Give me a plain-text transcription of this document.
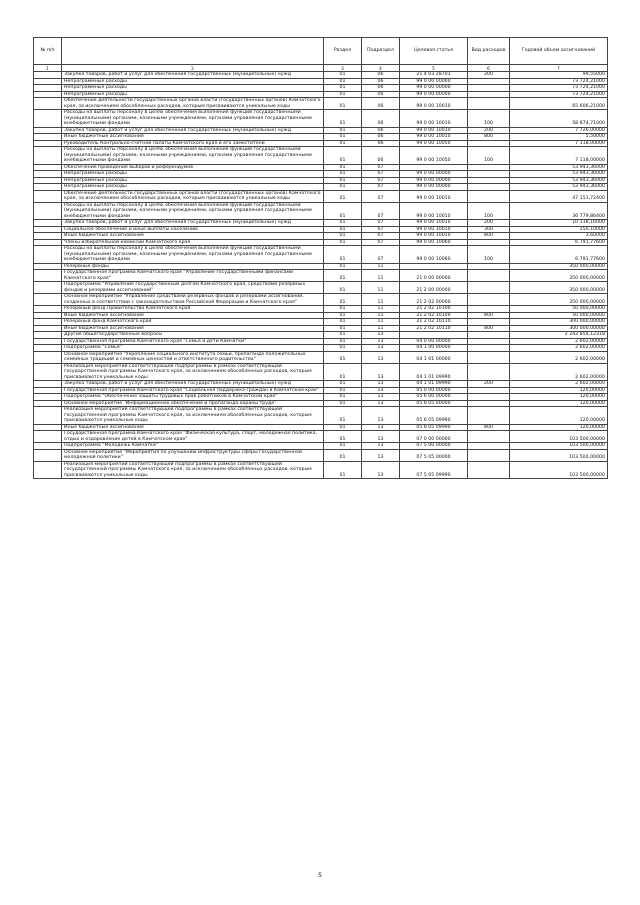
№ п/п		Раздел	Подраздел	Целевая статья	Вид расходов	Годовой объем ассигнований
1	2	3	4	5	6	7
	Закупка товаров, работ и услуг для обеспечения государственных (муниципальных) нужд	01	06	21 4 03 28701	200	99,55000
	Непрограммные расходы	01	06	99 0 00 00000		73 724,21000
	Непрограммные расходы	01	06	99 0 00 00000		73 724,21000
	Непрограммные расходы	01	06	99 0 00 00000		73 724,21000
	Обеспечение деятельности государственных органов власти (государственных органов) Камчатского края, за исключением обособленных расходов, которым присваиваются уникальные коды	01	06	99 0 00 10010		65 606,21000
	Расходы на выплаты персоналу в целях обеспечения выполнения функций государственными (муниципальными) органами, казенными учреждениями, органами управления государственными внебюджетными фондами	01	06	99 0 00 10010	100	58 874,71000
	Закупка товаров, работ и услуг для обеспечения государственных (муниципальных) нужд	01	06	99 0 00 10010	200	7 726,00000
	Иные бюджетные ассигнования	01	06	99 0 00 10010	800	5,50000
	Руководитель Контрольно-счетной палаты Камчатского края и его заместители	01	06	99 0 00 10050		7 118,00000
	Расходы на выплаты персоналу в целях обеспечения выполнения функций государственными (муниципальными) органами, казенными учреждениями, органами управления государственными внебюджетными фондами	01	06	99 0 00 10050	100	7 118,00000
	Обеспечение проведения выборов и референдумов	01	07			53 943,36000
	Непрограммные расходы	01	07	99 0 00 00000		53 943,36000
	Непрограммные расходы	01	07	99 0 00 00000		53 943,36000
	Непрограммные расходы	01	07	99 0 00 00000		53 943,36000
	Обеспечение деятельности государственных органов власти (государственных органов) Камчатского края, за исключением обособленных расходов, которым присваиваются уникальные коды	01	07	99 0 00 10010		47 151,72400
	Расходы на выплаты персоналу в целях обеспечения выполнения функций государственными (муниципальными) органами, казенными учреждениями, органами управления государственными внебюджетными фондами	01	07	99 0 00 10010	100	36 779,86400
	Закупка товаров, работ и услуг для обеспечения государственных (муниципальных) нужд	01	07	99 0 00 10010	200	10 118,16000
	Социальное обеспечение и иные выплаты населению	01	07	99 0 00 10010	300	250,10000
	Иные бюджетные ассигнования	01	07	99 0 00 10010	800	3,60000
	Члены избирательной комиссии Камчатского края	01	07	99 0 00 10060		6 791,77600
	Расходы на выплаты персоналу в целях обеспечения выполнения функций государственными (муниципальными) органами, казенными учреждениями, органами управления государственными внебюджетными фондами	01	07	99 0 00 10060	100	6 791,77600
	Резервные фонды	01	11			350 000,00000
	Государственная программа Камчатского края "Управление государственными финансами Камчатского края"	01	11	21 0 00 00000		350 000,00000
	Подпрограмма "Управление государственным долгом Камчатского края, средствами резервных фондов и резервами ассигнований"	01	11	21 2 00 00000		350 000,00000
	Основное мероприятие "Управление средствами резервных фондов и резервами ассигнований, созданных в соответствии с законодательством Российской Федерации и Камчатского края"	01	11	21 2 02 00000		350 000,00000
	Резервный фонд Правительства Камчатского края	01	11	21 2 02 10100		50 000,00000
	Иные бюджетные ассигнования	01	11	21 2 02 10100	800	50 000,00000
	Резервный фонд Камчатского края	01	11	21 2 02 10110		300 000,00000
	Иные бюджетные ассигнования	01	11	21 2 02 10110	800	300 000,00000
	Другие общегосударственные вопросы	01	13			2 243 854,12318
	Государственная программа Камчатского края "Семья и дети Камчатки"	01	13	04 0 00 00000		2 602,00000
	Подпрограмма "Семья"	01	13	04 1 00 00000		2 602,00000
	Основное мероприятие "Укрепление социального института семьи, пропаганда положительных семейных традиций и семейных ценностей и ответственного родительства"	01	13	04 1 01 00000		2 602,00000
	Реализация мероприятий соответствующей подпрограммы в рамках соответствующей государственной программы Камчатского края, за исключением обособленных расходов, которым присваиваются уникальные коды	01	13	04 1 01 09990		2 602,00000
	Закупка товаров, работ и услуг для обеспечения государственных (муниципальных) нужд	01	13	04 1 01 09990	200	2 602,00000
	Государственная программа Камчатского края "Социальная поддержка граждан в Камчатском крае"	01	13	05 0 00 00000		120,00000
	Подпрограмма "Обеспечение защиты трудовых прав работников в Камчатском крае"	01	13	05 6 00 00000		120,00000
	Основное мероприятие "Информационное обеспечение и пропаганда охраны труда"	01	13	05 6 05 00000		120,00000
	Реализация мероприятий соответствующей подпрограммы в рамках соответствующей государственной программы Камчатского края, за исключением обособленных расходов, которым присваиваются уникальные коды	01	13	05 6 05 09990		120,00000
	Иные бюджетные ассигнования	01	13	05 6 05 09990	800	120,00000
	Государственная программа Камчатского края "Физическая культура, спорт, молодежная политика, отдых и оздоровление детей в Камчатском крае"	01	13	07 0 00 00000		103 500,00000
	Подпрограмма "Молодежь Камчатки"	01	13	07 5 00 00000		103 500,00000
	Основное мероприятие "Мероприятия по улучшению инфраструктуры сферы государственной молодежной политики"	01	13	07 5 05 00000		103 500,00000
	Реализация мероприятий соответствующей подпрограммы в рамках соответствующей государственной программы Камчатского края, за исключением обособленных расходов, которым присваиваются уникальные коды	01	13	07 5 05 09990		103 500,00000
5
